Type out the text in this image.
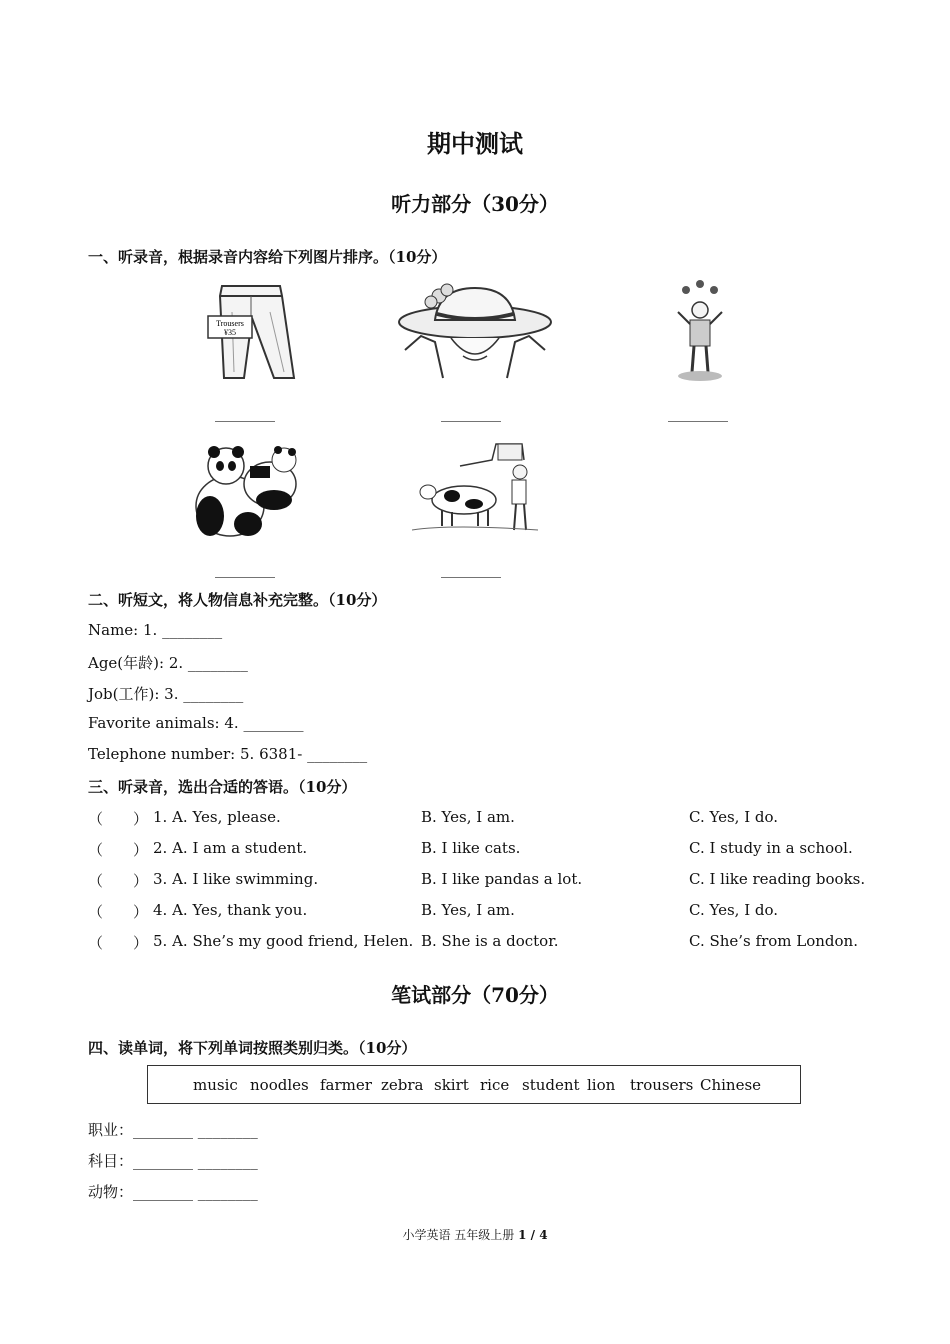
期中测试
听力部分（30分）
一、听录音，根据录音内容给下列图片排序。（10分）
Trousers
¥35
________	________	________
________	________
二、听短文，将人物信息补充完整。（10分）
Name: 1. ________
Age(年龄): 2. ________
Job(工作): 3. ________
Favorite animals: 4. ________
Telephone number: 5. 6381- ________
三、听录音，选出合适的答语。（10分）
（　　） 1. A. Yes, please.	B. Yes, I am.	C. Yes, I do.
（　　） 2. A. I am a student.	B. I like cats.	C. I study in a school.
（　　） 3. A. I like swimming.	B. I like pandas a lot.	C. I like reading books.
（　　） 4. A. Yes, thank you.	B. Yes, I am.	C. Yes, I do.
（　　） 5. A. She’s my good friend, Helen. B. She is a doctor.	C. She’s from London.
笔试部分（70分）
四、读单词，将下列单词按照类别归类。（10分）
music noodles farmer zebra skirt rice student lion trousers Chinese
职业：________ ________
科目：________ ________
动物：________ ________
小学英语 五年级上册 1 / 4
